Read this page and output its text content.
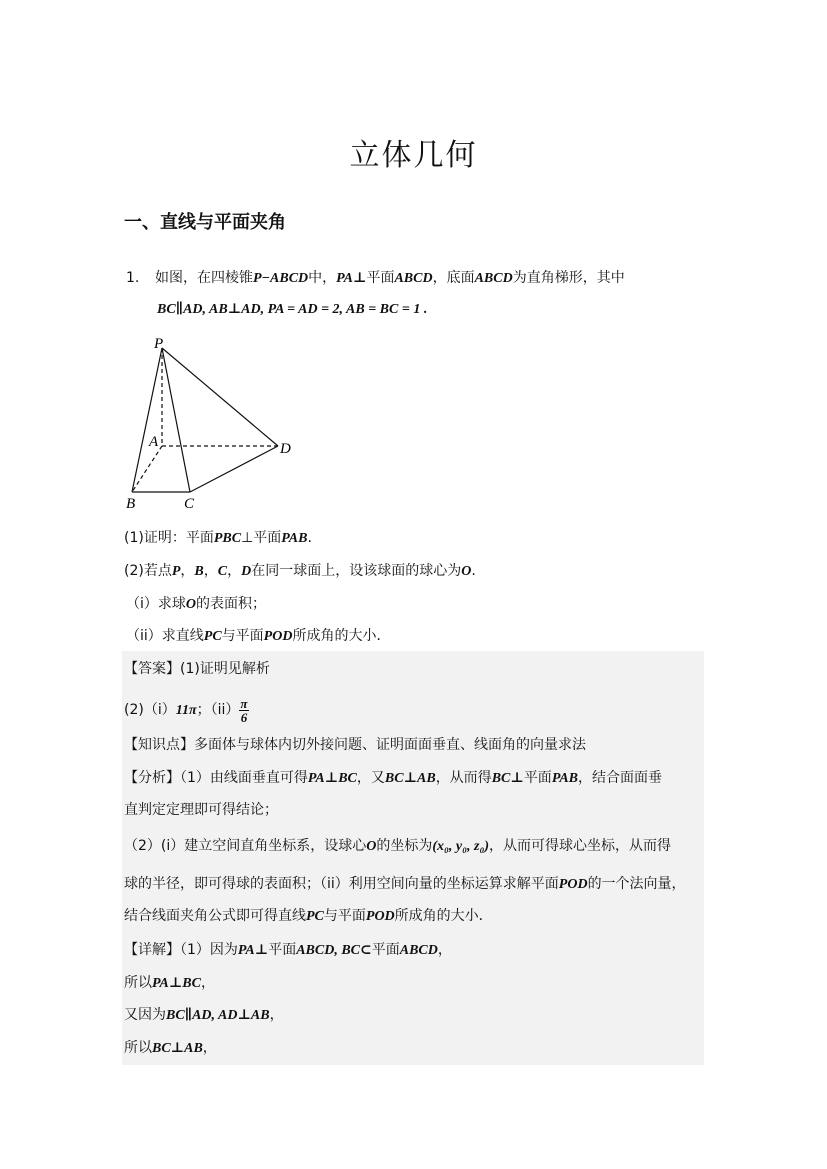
立体几何
一、直线与平面夹角
1. 如图，在四棱锥P−ABCD中，PA⊥平面ABCD，底面ABCD为直角梯形，其中
BC∥AD, AB⊥AD, PA = AD = 2, AB = BC = 1 .
P
A	D
B	C
(1)证明：平面PBC⊥平面PAB.
(2)若点P，B，C，D在同一球面上，设该球面的球心为O.
（i）求球O的表面积；
（ii）求直线PC与平面POD所成角的大小．
【答案】(1)证明见解析
(2)（i）11π；$(ii) \frac{\pi}{6}$
【知识点】多面体与球体内切外接问题、证明面面垂直、线面角的向量求法
【分析】（1）由线面垂直可得PA⊥BC，又BC⊥AB，从而得BC⊥平面PAB，结合面面垂
直判定定理即可得结论；
（2）(i）建立空间直角坐标系，设球心O的坐标为(x₀, y₀, z₀)，从而可得球心坐标，从而得
球的半径，即可得球的表面积；（ii）利用空间向量的坐标运算求解平面POD的一个法向量，
结合线面夹角公式即可得直线PC与平面POD所成角的大小．
【详解】（1）因为PA⊥平面ABCD, BC⊂平面ABCD，
所以PA⊥BC，
又因为BC∥AD, AD⊥AB，
所以BC⊥AB，
